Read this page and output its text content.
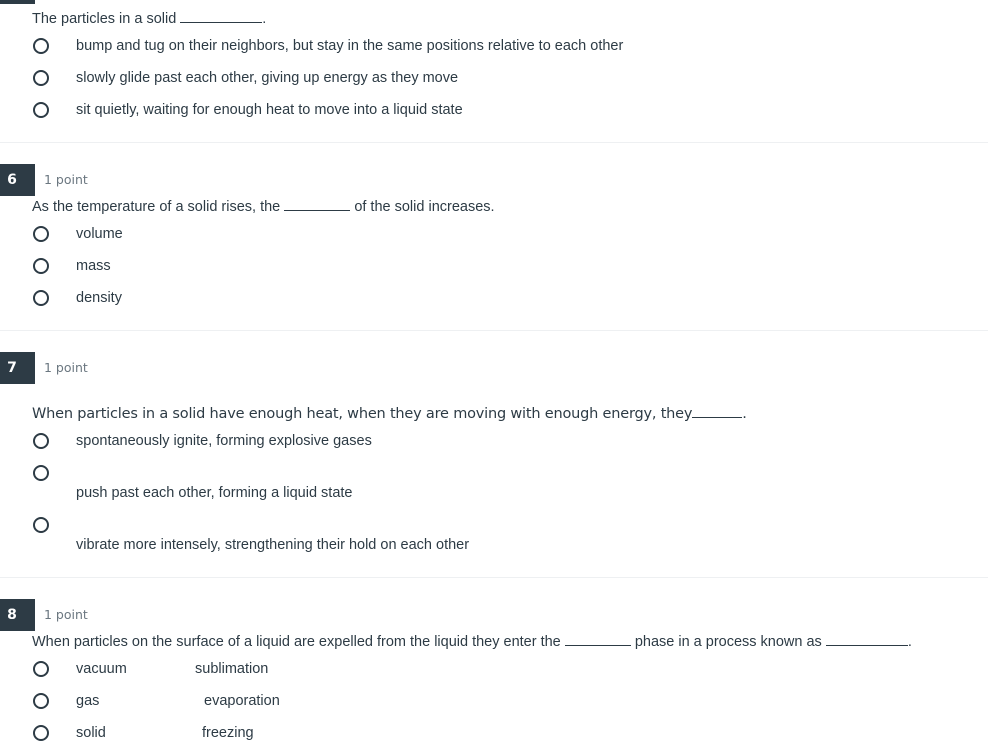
The particles in a solid	.
bump and tug on their neighbors, but stay in the same positions relative to each other
slowly glide past each other, giving up energy as they move
sit quietly, waiting for enough heat to move into a liquid state
6 1 point
As the temperature of a solid rises, the	of the solid increases.
volume
mass
density
7 1 point
When particles in a solid have enough heat, when they are moving with enough energy, they	.
spontaneously ignite, forming explosive gases
push past each other, forming a liquid state
vibrate more intensely, strengthening their hold on each other
8 1 point
When particles on the surface of a liquid are expelled from the liquid they enter the	phase in a process known as	.
vacuum	sublimation
gas	evaporation
solid	freezing
